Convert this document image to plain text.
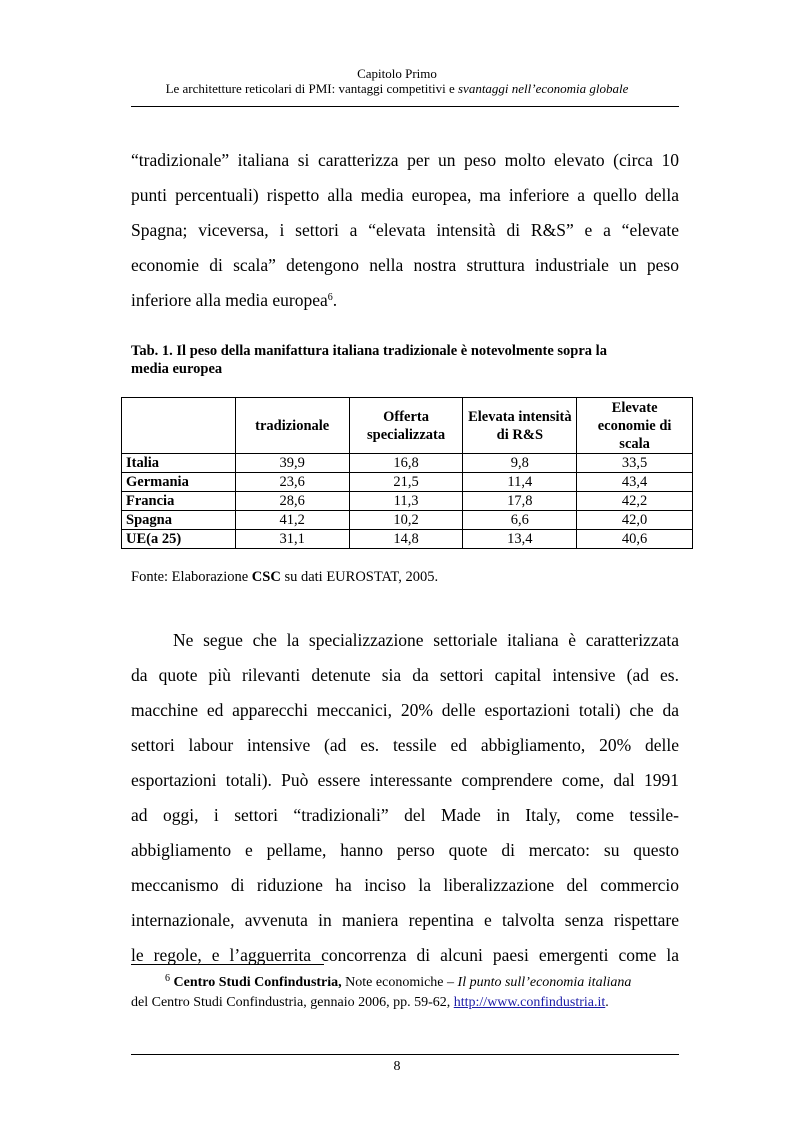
Capitolo Primo
Le architetture reticolari di PMI: vantaggi competitivi e svantaggi nell’economia globale
“tradizionale” italiana si caratterizza per un peso molto elevato (circa 10
punti percentuali) rispetto alla media europea, ma inferiore a quello della
Spagna; viceversa, i settori a “elevata intensità di R&S” e a “elevate
economie di scala” detengono nella nostra struttura industriale un peso
inferiore alla media europea$^6$.
Tab. 1. Il peso della manifattura italiana tradizionale è notevolmente sopra la
media europea
	tradizionale	Offerta specializzata	Elevata intensità di R&S	Elevate economie di scala
Italia	39,9	16,8	9,8	33,5
Germania	23,6	21,5	11,4	43,4
Francia	28,6	11,3	17,8	42,2
Spagna	41,2	10,2	6,6	42,0
UE(a 25)	31,1	14,8	13,4	40,6
Fonte: Elaborazione CSC su dati EUROSTAT, 2005.
Ne segue che la specializzazione settoriale italiana è caratterizzata
da quote più rilevanti detenute sia da settori capital intensive (ad es.
macchine ed apparecchi meccanici, 20% delle esportazioni totali) che da
settori labour intensive (ad es. tessile ed abbigliamento, 20% delle
esportazioni totali). Può essere interessante comprendere come, dal 1991
ad oggi, i settori “tradizionali” del Made in Italy, come tessile-
abbigliamento e pellame, hanno perso quote di mercato: su questo
meccanismo di riduzione ha inciso la liberalizzazione del commercio
internazionale, avvenuta in maniera repentina e talvolta senza rispettare
le regole, e l’agguerrita concorrenza di alcuni paesi emergenti come la
$^6$ Centro Studi Confindustria, Note economiche – Il punto sull’economia italiana
del Centro Studi Confindustria, gennaio 2006, pp. 59-62, http://www.confindustria.it.
8
